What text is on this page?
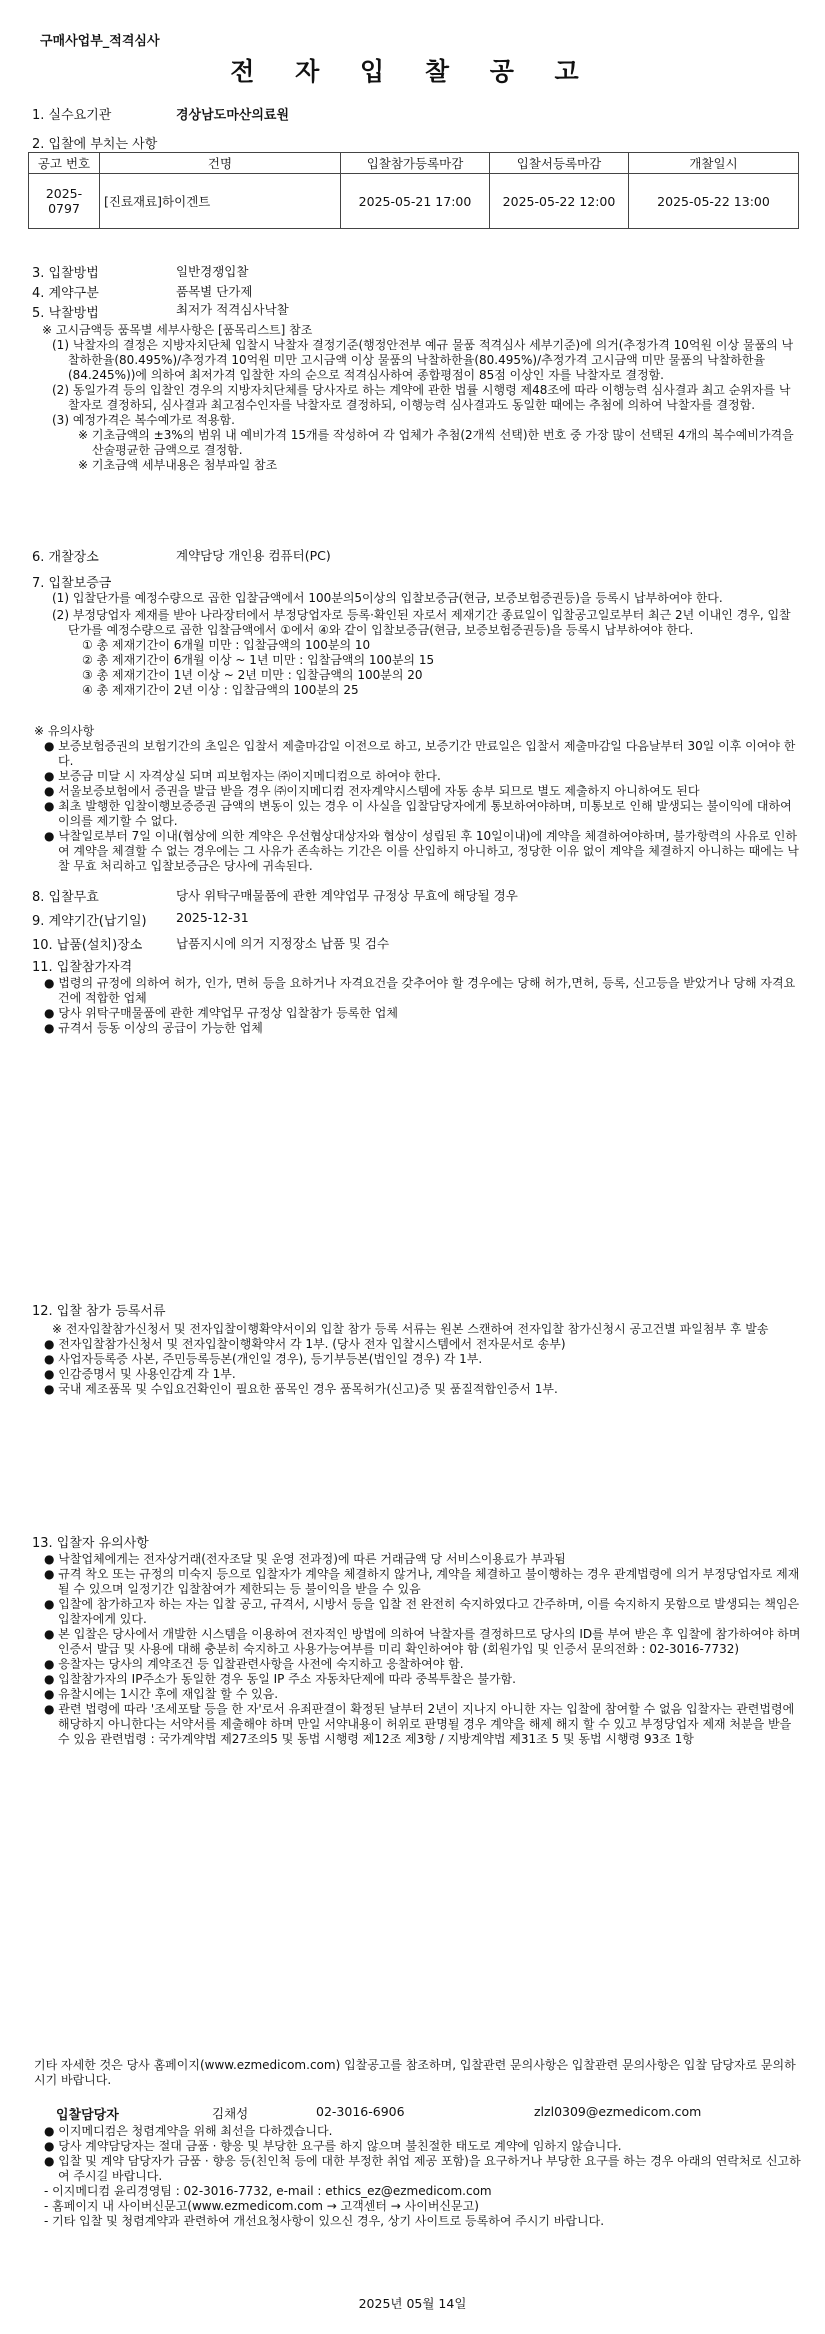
구매사업부_적격심사
전 자 입 찰 공 고
1. 실수요기관	경상남도마산의료원
2. 입찰에 부치는 사항
공고 번호	건명	입찰참가등록마감	입찰서등록마감	개찰일시
2025-0797	[진료재료]하이겐트	2025-05-21 17:00	2025-05-22 12:00	2025-05-22 13:00
3. 입찰방법	일반경쟁입찰
4. 계약구분	품목별 단가제
5. 낙찰방법	최저가 적격심사낙찰
※ 고시금액등 품목별 세부사항은 [품목리스트] 참조
(1) 낙찰자의 결정은 지방자치단체 입찰시 낙찰자 결정기준(행정안전부 예규 물품 적격심사 세부기준)에 의거(추정가격 10억원 이상 물품의 낙찰하한율(80.495%)/추정가격 10억원 미만 고시금액 이상 물품의 낙찰하한율(80.495%)/추정가격 고시금액 미만 물품의 낙찰하한율(84.245%))에 의하여 최저가격 입찰한 자의 순으로 적격심사하여 종합평점이 85점 이상인 자를 낙찰자로 결정함.
(2) 동일가격 등의 입찰인 경우의 지방자치단체를 당사자로 하는 계약에 관한 법률 시행령 제48조에 따라 이행능력 심사결과 최고 순위자를 낙찰자로 결정하되, 심사결과 최고점수인자를 낙찰자로 결정하되, 이행능력 심사결과도 동일한 때에는 추첨에 의하여 낙찰자를 결정함.
(3) 예정가격은 복수예가로 적용함.
※ 기초금액의 ±3%의 범위 내 예비가격 15개를 작성하여 각 업체가 추첨(2개씩 선택)한 번호 중 가장 많이 선택된 4개의 복수예비가격을 산술평균한 금액으로 결정함.
※ 기초금액 세부내용은 첨부파일 참조
6. 개찰장소	계약담당 개인용 컴퓨터(PC)
7. 입찰보증금
(1) 입찰단가를 예정수량으로 곱한 입찰금액에서 100분의5이상의 입찰보증금(현금, 보증보험증권등)을 등록시 납부하여야 한다.
(2) 부정당업자 제재를 받아 나라장터에서 부정당업자로 등록·확인된 자로서 제재기간 종료일이 입찰공고일로부터 최근 2년 이내인 경우, 입찰단가를 예정수량으로 곱한 입찰금액에서 ①에서 ④와 같이 입찰보증금(현금, 보증보험증권등)을 등록시 납부하여야 한다.
① 총 제재기간이 6개월 미만 : 입찰금액의 100분의 10
② 총 제재기간이 6개월 이상 ~ 1년 미만 : 입찰금액의 100분의 15
③ 총 제재기간이 1년 이상 ~ 2년 미만 : 입찰금액의 100분의 20
④ 총 제재기간이 2년 이상 : 입찰금액의 100분의 25
※ 유의사항
● 보증보험증권의 보험기간의 초일은 입찰서 제출마감일 이전으로 하고, 보증기간 만료일은 입찰서 제출마감일 다음날부터 30일 이후 이여야 한다.
● 보증금 미달 시 자격상실 되며 피보험자는 ㈜이지메디컴으로 하여야 한다.
● 서울보증보험에서 증권을 발급 받을 경우 ㈜이지메디컴 전자계약시스템에 자동 송부 되므로 별도 제출하지 아니하여도 된다
● 최초 발행한 입찰이행보증증권 금액의 변동이 있는 경우 이 사실을 입찰담당자에게 통보하여야하며, 미통보로 인해 발생되는 불이익에 대하여 이의를 제기할 수 없다.
● 낙찰일로부터 7일 이내(협상에 의한 계약은 우선협상대상자와 협상이 성립된 후 10일이내)에 계약을 체결하여야하며, 불가항력의 사유로 인하여 계약을 체결할 수 없는 경우에는 그 사유가 존속하는 기간은 이를 산입하지 아니하고, 정당한 이유 없이 계약을 체결하지 아니하는 때에는 낙찰 무효 처리하고 입찰보증금은 당사에 귀속된다.
8. 입찰무효	당사 위탁구매물품에 관한 계약업무 규정상 무효에 해당될 경우
9. 계약기간(납기일) 2025-12-31
10. 납품(설치)장소	납품지시에 의거 지정장소 납품 및 검수
11. 입찰참가자격
● 법령의 규정에 의하여 허가, 인가, 면허 등을 요하거나 자격요건을 갖추어야 할 경우에는 당해 허가,면허, 등록, 신고등을 받았거나 당해 자격요건에 적합한 업체
● 당사 위탁구매물품에 관한 계약업무 규정상 입찰참가 등록한 업체
● 규격서 등동 이상의 공급이 가능한 업체
12. 입찰 참가 등록서류
※ 전자입찰참가신청서 및 전자입찰이행확약서이외 입찰 참가 등록 서류는 원본 스캔하여 전자입찰 참가신청시 공고건별 파일첨부 후 발송
● 전자입찰참가신청서 및 전자입찰이행확약서 각 1부. (당사 전자 입찰시스템에서 전자문서로 송부)
● 사업자등록증 사본, 주민등록등본(개인일 경우), 등기부등본(법인일 경우) 각 1부.
● 인감증명서 및 사용인감계 각 1부.
● 국내 제조품목 및 수입요건확인이 필요한 품목인 경우 품목허가(신고)증 및 품질적합인증서 1부.
13. 입찰자 유의사항
● 낙찰업체에게는 전자상거래(전자조달 및 운영 전과정)에 따른 거래금액 당 서비스이용료가 부과됨
● 규격 착오 또는 규정의 미숙지 등으로 입찰자가 계약을 체결하지 않거나, 계약을 체결하고 불이행하는 경우 관계법령에 의거 부정당업자로 제재될 수 있으며 일정기간 입찰참여가 제한되는 등 불이익을 받을 수 있음
● 입찰에 참가하고자 하는 자는 입찰 공고, 규격서, 시방서 등을 입찰 전 완전히 숙지하였다고 간주하며, 이를 숙지하지 못함으로 발생되는 책임은 입찰자에게 있다.
● 본 입찰은 당사에서 개발한 시스템을 이용하여 전자적인 방법에 의하여 낙찰자를 결정하므로 당사의 ID를 부여 받은 후 입찰에 참가하여야 하며 인증서 발급 및 사용에 대해 충분히 숙지하고 사용가능여부를 미리 확인하여야 함 (회원가입 및 인증서 문의전화 : 02-3016-7732)
● 응찰자는 당사의 계약조건 등 입찰관련사항을 사전에 숙지하고 응찰하여야 함.
● 입찰참가자의 IP주소가 동일한 경우 동일 IP 주소 자동차단제에 따라 중복투찰은 불가함.
● 유찰시에는 1시간 후에 재입찰 할 수 있음.
● 관련 법령에 따라 '조세포탈 등을 한 자'로서 유죄판결이 확정된 날부터 2년이 지나지 아니한 자는 입찰에 참여할 수 없음 입찰자는 관련법령에 해당하지 아니한다는 서약서를 제출해야 하며 만일 서약내용이 허위로 판명될 경우 계약을 해제 해지 할 수 있고 부정당업자 제재 처분을 받을 수 있음 관련법령 : 국가계약법 제27조의5 및 동법 시행령 제12조 제3항 / 지방계약법 제31조 5 및 동법 시행령 93조 1항
기타 자세한 것은 당사 홈페이지(www.ezmedicom.com) 입찰공고를 참조하며, 입찰관련 문의사항은 입찰관련 문의사항은 입찰 담당자로 문의하시기 바랍니다.
입찰담당자	김채성	02-3016-6906	zlzl0309@ezmedicom.com
● 이지메디컴은 청렴계약을 위해 최선을 다하겠습니다.
● 당사 계약담당자는 절대 금품 · 향응 및 부당한 요구를 하지 않으며 불친절한 태도로 계약에 임하지 않습니다.
● 입찰 및 계약 담당자가 금품 · 향응 등(친인척 등에 대한 부정한 취업 제공 포함)을 요구하거나 부당한 요구를 하는 경우 아래의 연락처로 신고하여 주시길 바랍니다.
- 이지메디컴 윤리경영팀 : 02-3016-7732, e-mail : ethics_ez@ezmedicom.com
- 홈페이지 내 사이버신문고(www.ezmedicom.com → 고객센터 → 사이버신문고)
- 기타 입찰 및 청렴계약과 관련하여 개선요청사항이 있으신 경우, 상기 사이트로 등록하여 주시기 바랍니다.
2025년 05월 14일
